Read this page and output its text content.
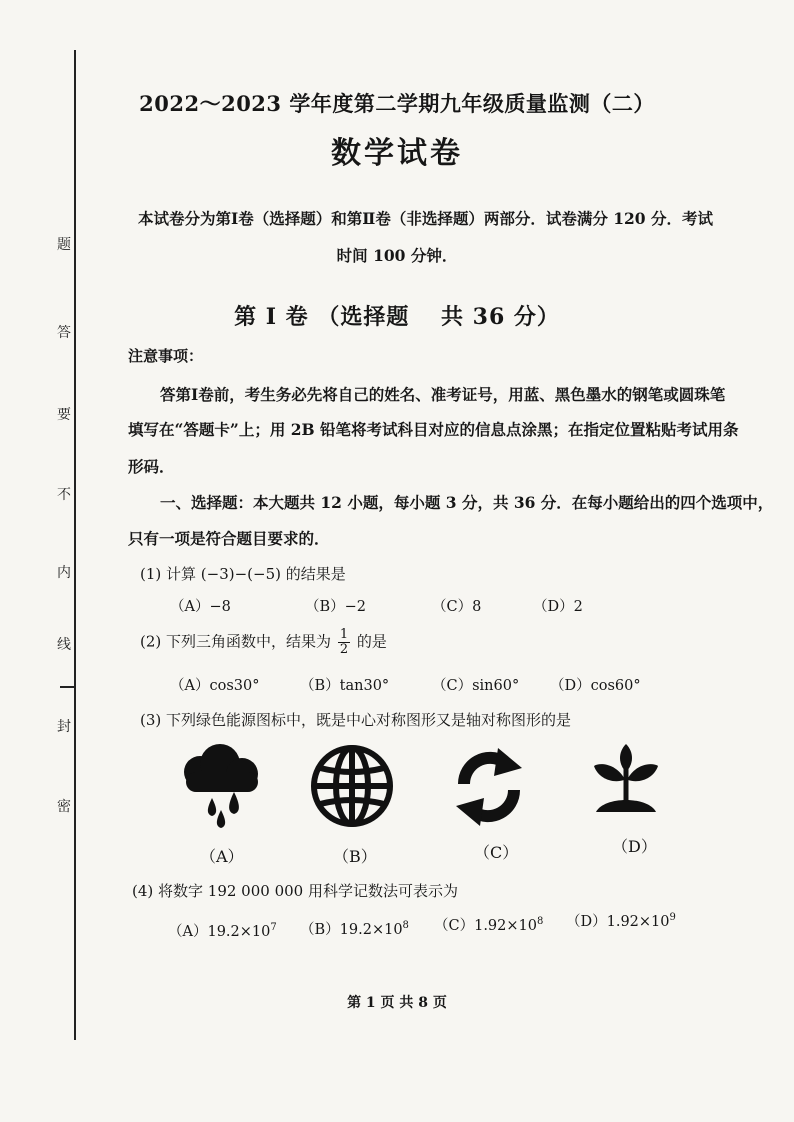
题
答
要
不
内
线
封
密
2022～2023 学年度第二学期九年级质量监测（二）
数学试卷
本试卷分为第Ⅰ卷（选择题）和第Ⅱ卷（非选择题）两部分．试卷满分 120 分．考试
时间 100 分钟．
第 Ⅰ 卷 （选择题　 共 36 分）
注意事项：
答第Ⅰ卷前，考生务必先将自己的姓名、准考证号，用蓝、黑色墨水的钢笔或圆珠笔
填写在“答题卡”上；用 2B 铅笔将考试科目对应的信息点涂黑；在指定位置粘贴考试用条
形码．
一、选择题：本大题共 12 小题，每小题 3 分，共 36 分．在每小题给出的四个选项中，
只有一项是符合题目要求的．
(1) 计算 (−3)−(−5) 的结果是
（A）−8	（B）−2	（C）8	（D）2
(2) 下列三角函数中，结果为 $\frac{1}{2}$ 的是
（A）cos30°	（B）tan30°	（C）sin60° （D）cos60°
(3) 下列绿色能源图标中，既是中心对称图形又是轴对称图形的是
（A）	（B）	（C）	（D）
(4) 将数字 192 000 000 用科学记数法可表示为
$(A)19.2\times 10^7$ $(B)19.2\times 10^8$ $(C)1.92\times 10^8$ $(D)1.92\times 10^9$
第 1 页 共 8 页
